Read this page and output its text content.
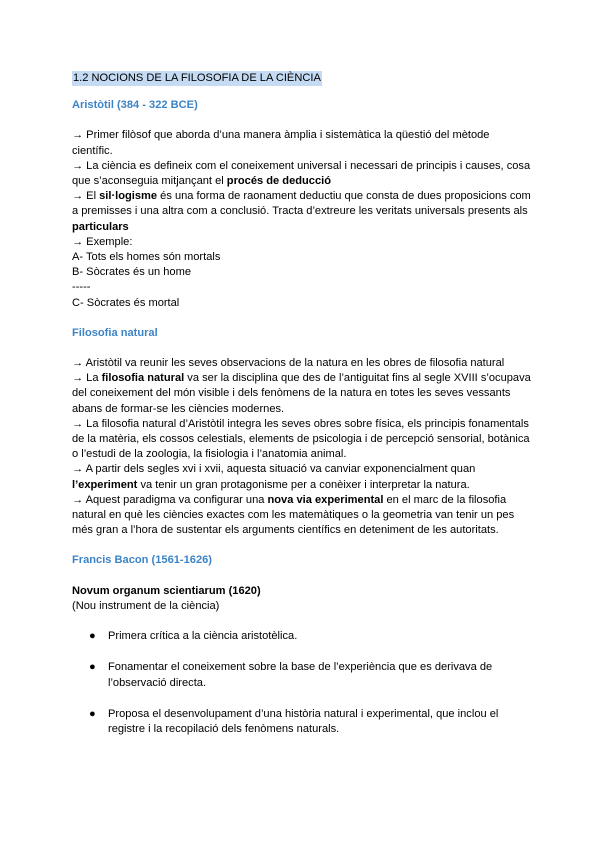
1.2 NOCIONS DE LA FILOSOFIA DE LA CIÈNCIA
Aristòtil (384 - 322 BCE)

→ Primer filòsof que aborda d’una manera àmplia i sistemàtica la qüestió del mètode científic.

→ La ciència es defineix com el coneixement universal i necessari de principis i causes, cosa que s’aconseguia mitjançant el procés de deducció

→ El sil·logisme és una forma de raonament deductiu que consta de dues proposicions com a premisses i una altra com a conclusió. Tracta d’extreure les veritats universals presents als particulars

→ Exemple:

A- Tots els homes són mortals

B- Sòcrates és un home

-----

C- Sòcrates és mortal

Filosofia natural

→ Aristòtil va reunir les seves observacions de la natura en les obres de filosofia natural

→ La filosofia natural va ser la disciplina que des de l’antiguitat fins al segle XVIII s’ocupava del coneixement del món visible i dels fenòmens de la natura en totes les seves vessants abans de formar-se les ciències modernes.

→ La filosofia natural d’Aristòtil integra les seves obres sobre física, els principis fonamentals de la matèria, els cossos celestials, elements de psicologia i de percepció sensorial, botànica o l’estudi de la zoologia, la fisiologia i l’anatomia animal.

→ A partir dels segles xvi i xvii, aquesta situació va canviar exponencialment quan l’experiment va tenir un gran protagonisme per a conèixer i interpretar la natura.

→ Aquest paradigma va configurar una nova via experimental en el marc de la filosofia natural en què les ciències exactes com les matemàtiques o la geometria van tenir un pes més gran a l’hora de sustentar els arguments científics en deteniment de les autoritats.

Francis Bacon (1561-1626)

Novum organum scientiarum (1620)

(Nou instrument de la ciència)

● Primera crítica a la ciència aristotèlica.
● Fonamentar el coneixement sobre la base de l’experiència que es derivava de l’observació directa.
● Proposa el desenvolupament d’una història natural i experimental, que inclou el registre i la recopilació dels fenòmens naturals.
